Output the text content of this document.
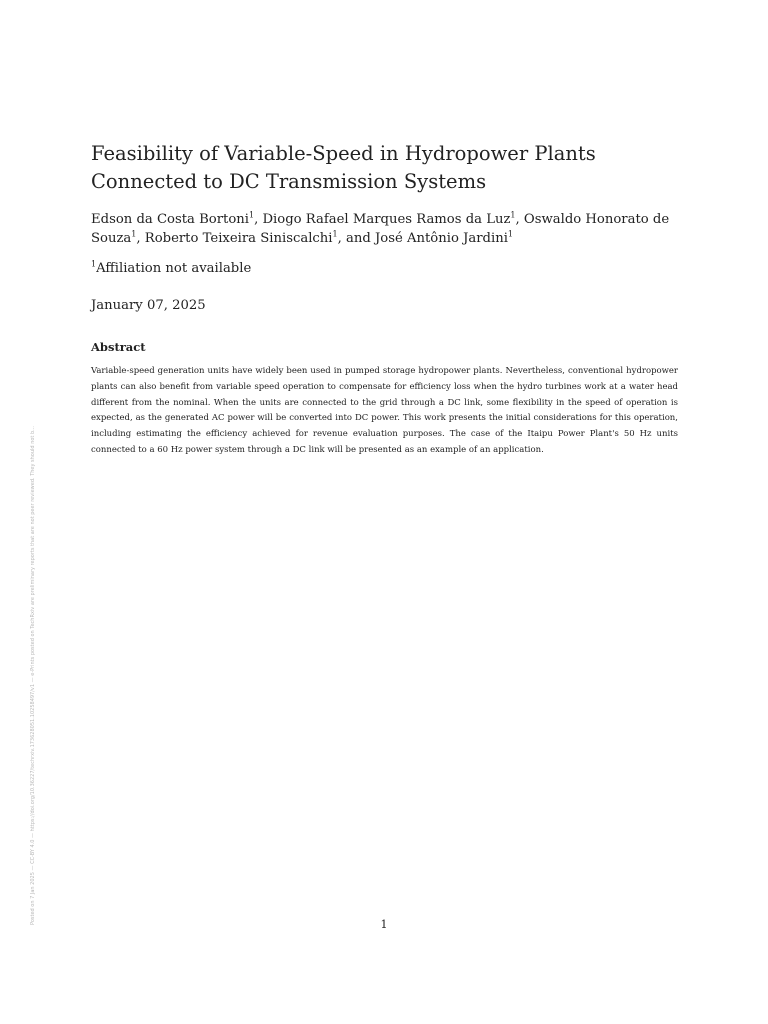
Feasibility of Variable-Speed in Hydropower Plants Connected to DC Transmission Systems
Edson da Costa Bortoni$^1$, Diogo Rafael Marques Ramos da Luz$^1$, Oswaldo Honorato de Souza$^1$, Roberto Teixeira Siniscalchi$^1$, and José Antônio Jardini$^1$
$^1$Affiliation not available
January 07, 2025
Abstract

Variable-speed generation units have widely been used in pumped storage hydropower plants. Nevertheless, conventional hydropower plants can also benefit from variable speed operation to compensate for efficiency loss when the hydro turbines work at a water head different from the nominal. When the units are connected to the grid through a DC link, some flexibility in the speed of operation is expected, as the generated AC power will be converted into DC power. This work presents the initial considerations for this operation, including estimating the efficiency achieved for revenue evaluation purposes. The case of the Itaipu Power Plant's 50 Hz units connected to a 60 Hz power system through a DC link will be presented as an example of an application.

Posted on 7 Jan 2025 — CC-BY 4.0 — https://doi.org/10.36227/techrxiv.173628051.10258497/v1 — e-Prints posted on TechRxiv are preliminary reports that are not peer reviewed. They should not b...	1
